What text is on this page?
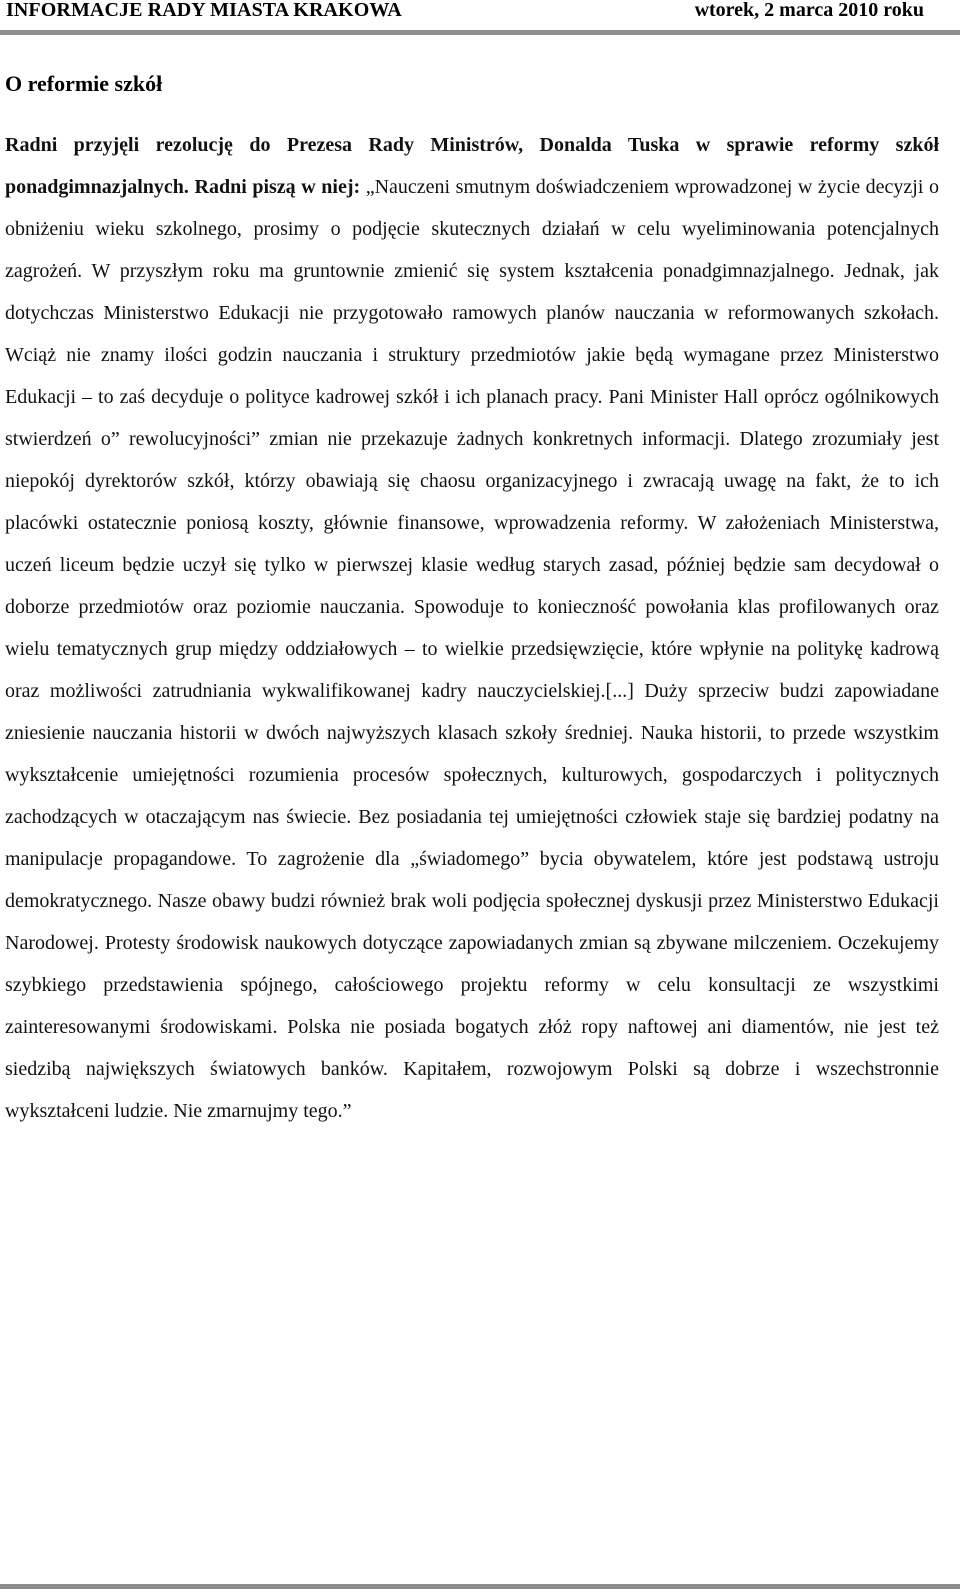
INFORMACJE RADY MIASTA KRAKOWA	wtorek, 2 marca 2010 roku
O reformie szkół

Radni przyjęli rezolucję do Prezesa Rady Ministrów, Donalda Tuska w sprawie reformy szkół ponadgimnazjalnych. Radni piszą w niej: „Nauczeni smutnym doświadczeniem wprowadzonej w życie decyzji o obniżeniu wieku szkolnego, prosimy o podjęcie skutecznych działań w celu wyeliminowania potencjalnych zagrożeń. W przyszłym roku ma gruntownie zmienić się system kształcenia ponadgimnazjalnego. Jednak, jak dotychczas Ministerstwo Edukacji nie przygotowało ramowych planów nauczania w reformowanych szkołach. Wciąż nie znamy ilości godzin nauczania i struktury przedmiotów jakie będą wymagane przez Ministerstwo Edukacji – to zaś decyduje o polityce kadrowej szkół i ich planach pracy. Pani Minister Hall oprócz ogólnikowych stwierdzeń o” rewolucyjności” zmian nie przekazuje żadnych konkretnych informacji. Dlatego zrozumiały jest niepokój dyrektorów szkół, którzy obawiają się chaosu organizacyjnego i zwracają uwagę na fakt, że to ich placówki ostatecznie poniosą koszty, głównie finansowe, wprowadzenia reformy. W założeniach Ministerstwa, uczeń liceum będzie uczył się tylko w pierwszej klasie według starych zasad, później będzie sam decydował o doborze przedmiotów oraz poziomie nauczania. Spowoduje to konieczność powołania klas profilowanych oraz wielu tematycznych grup między oddziałowych – to wielkie przedsięwzięcie, które wpłynie na politykę kadrową oraz możliwości zatrudniania wykwalifikowanej kadry nauczycielskiej.[...] Duży sprzeciw budzi zapowiadane zniesienie nauczania historii w dwóch najwyższych klasach szkoły średniej. Nauka historii, to przede wszystkim wykształcenie umiejętności rozumienia procesów społecznych, kulturowych, gospodarczych i politycznych zachodzących w otaczającym nas świecie. Bez posiadania tej umiejętności człowiek staje się bardziej podatny na manipulacje propagandowe. To zagrożenie dla „świadomego” bycia obywatelem, które jest podstawą ustroju demokratycznego. Nasze obawy budzi również brak woli podjęcia społecznej dyskusji przez Ministerstwo Edukacji Narodowej. Protesty środowisk naukowych dotyczące zapowiadanych zmian są zbywane milczeniem. Oczekujemy szybkiego przedstawienia spójnego, całościowego projektu reformy w celu konsultacji ze wszystkimi zainteresowanymi środowiskami. Polska nie posiada bogatych złóż ropy naftowej ani diamentów, nie jest też siedzibą największych światowych banków. Kapitałem, rozwojowym Polski są dobrze i wszechstronnie wykształceni ludzie. Nie zmarnujmy tego.”
